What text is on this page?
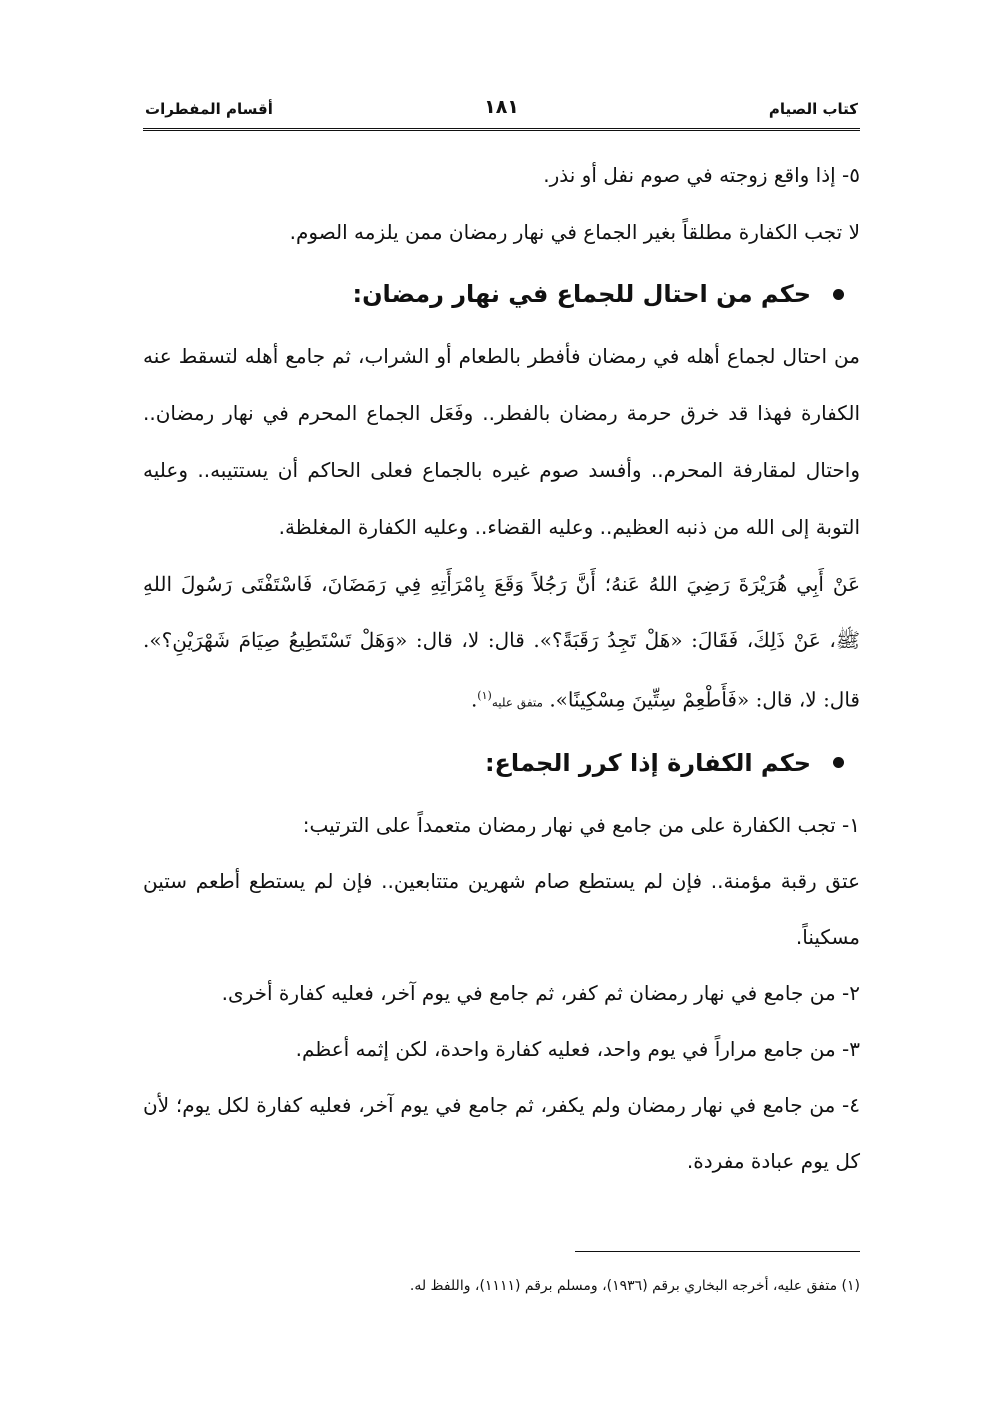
كتاب الصيام
١٨١
أقسام المفطرات

٥- إذا واقع زوجته في صوم نفل أو نذر.

لا تجب الكفارة مطلقاً بغير الجماع في نهار رمضان ممن يلزمه الصوم.

حكم من احتال للجماع في نهار رمضان:

من احتال لجماع أهله في رمضان فأفطر بالطعام أو الشراب، ثم جامع أهله لتسقط عنه الكفارة فهذا قد خرق حرمة رمضان بالفطر.. وفَعَل الجماع المحرم في نهار رمضان.. واحتال لمقارفة المحرم.. وأفسد صوم غيره بالجماع فعلى الحاكم أن يستتيبه.. وعليه التوبة إلى الله من ذنبه العظيم.. وعليه القضاء.. وعليه الكفارة المغلظة.

عَنْ أَبِي هُرَيْرَةَ رَضِيَ اللهُ عَنهُ؛ أَنَّ رَجُلاً وَقَعَ بِامْرَأَتِهِ فِي رَمَضَانَ، فَاسْتَفْتَى رَسُولَ اللهِ ﷺ، عَنْ ذَلِكَ، فَقَالَ: «هَلْ تَجِدُ رَقَبَةً؟». قال: لا، قال: «وَهَلْ تَسْتَطِيعُ صِيَامَ شَهْرَيْنِ؟». قال: لا، قال: «فَأَطْعِمْ سِتِّينَ مِسْكِينًا». متفق عليه$^{(١)}$.

حكم الكفارة إذا كرر الجماع:

١- تجب الكفارة على من جامع في نهار رمضان متعمداً على الترتيب:

عتق رقبة مؤمنة.. فإن لم يستطع صام شهرين متتابعين.. فإن لم يستطع أطعم ستين مسكيناً.

٢- من جامع في نهار رمضان ثم كفر، ثم جامع في يوم آخر، فعليه كفارة أخرى.

٣- من جامع مراراً في يوم واحد، فعليه كفارة واحدة، لكن إثمه أعظم.

٤- من جامع في نهار رمضان ولم يكفر، ثم جامع في يوم آخر، فعليه كفارة لكل يوم؛ لأن كل يوم عبادة مفردة.

(١) متفق عليه، أخرجه البخاري برقم (١٩٣٦)، ومسلم برقم (١١١١)، واللفظ له.
